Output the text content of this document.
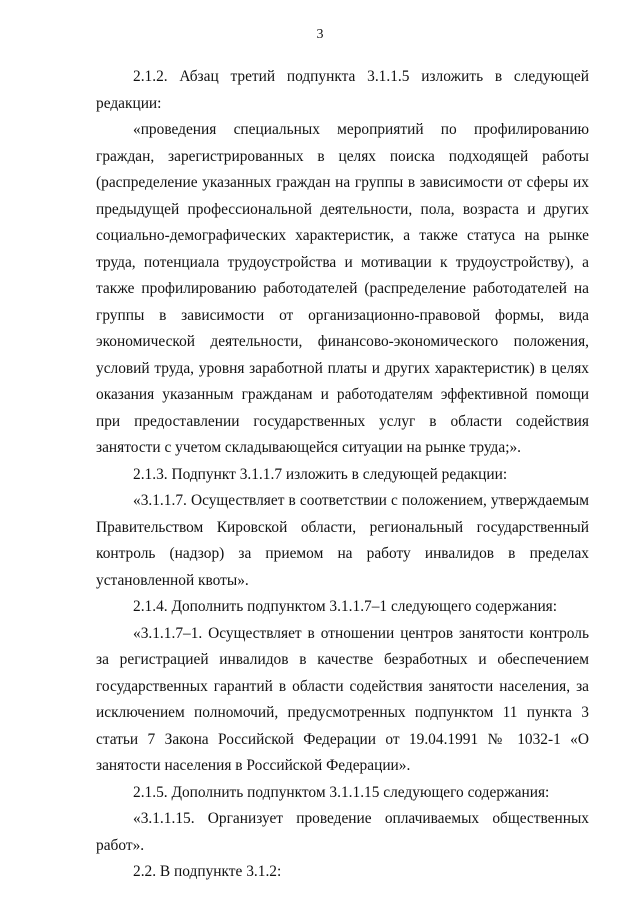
3

2.1.2. Абзац третий подпункта 3.1.1.5 изложить в следующей редакции:

«проведения специальных мероприятий по профилированию граждан, зарегистрированных в целях поиска подходящей работы (распределение указанных граждан на группы в зависимости от сферы их предыдущей профессиональной деятельности, пола, возраста и других социально-демографических характеристик, а также статуса на рынке труда, потенциала трудоустройства и мотивации к трудоустройству), а также профилированию работодателей (распределение работодателей на группы в зависимости от организационно-правовой формы, вида экономической деятельности, финансово-экономического положения, условий труда, уровня заработной платы и других характеристик) в целях оказания указанным гражданам и работодателям эффективной помощи при предоставлении государственных услуг в области содействия занятости с учетом складывающейся ситуации на рынке труда;».

2.1.3. Подпункт 3.1.1.7 изложить в следующей редакции:

«3.1.1.7. Осуществляет в соответствии с положением, утверждаемым Правительством Кировской области, региональный государственный контроль (надзор) за приемом на работу инвалидов в пределах установленной квоты».

2.1.4. Дополнить подпунктом 3.1.1.7–1 следующего содержания:

«3.1.1.7–1. Осуществляет в отношении центров занятости контроль за регистрацией инвалидов в качестве безработных и обеспечением государственных гарантий в области содействия занятости населения, за исключением полномочий, предусмотренных подпунктом 11 пункта 3 статьи 7 Закона Российской Федерации от 19.04.1991 № 1032-1 «О занятости населения в Российской Федерации».

2.1.5. Дополнить подпунктом 3.1.1.15 следующего содержания:

«3.1.1.15. Организует проведение оплачиваемых общественных работ».

2.2. В подпункте 3.1.2:
